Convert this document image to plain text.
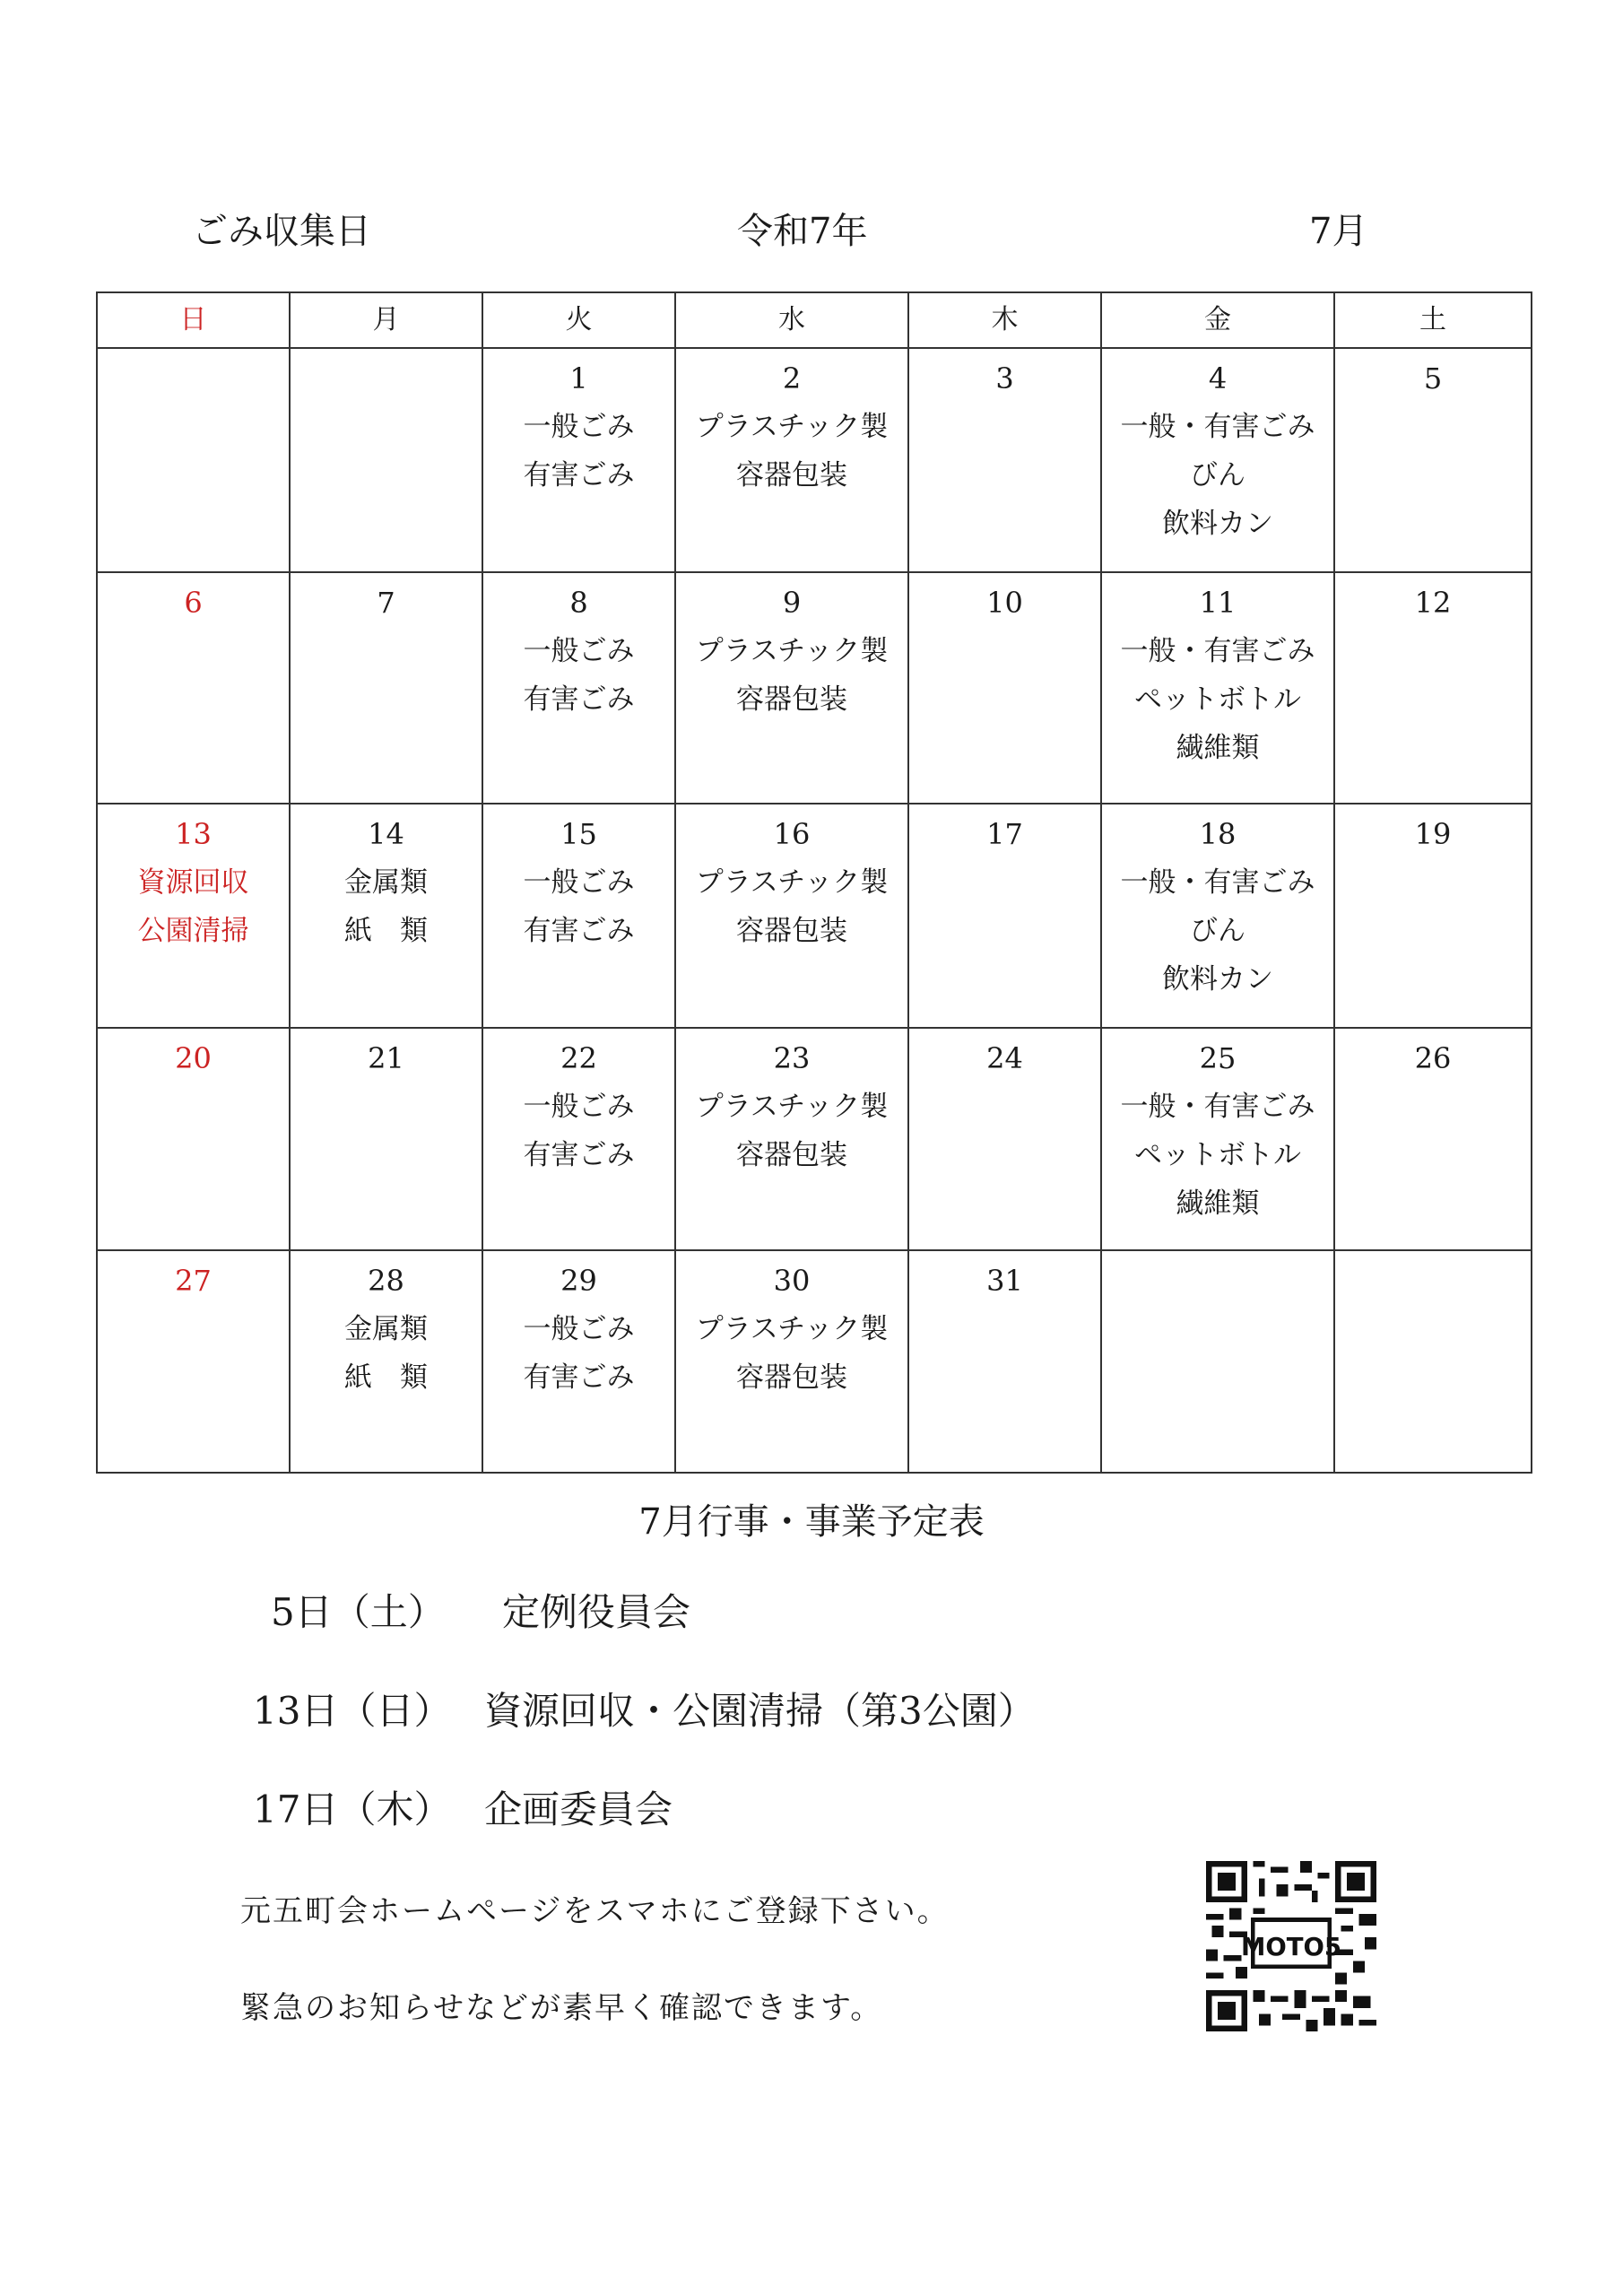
ごみ収集日	令和7年	7月
日	月	火	水	木	金	土

		1
一般ごみ
有害ごみ	2
プラスチック製
容器包装	3	4
一般・有害ごみ
びん
飲料カン	5

6	7	8
一般ごみ
有害ごみ	9
プラスチック製
容器包装	10	11
一般・有害ごみ
ペットボトル
繊維類	12

13
資源回収
公園清掃	14
金属類
紙　類	15
一般ごみ
有害ごみ	16
プラスチック製
容器包装	17	18
一般・有害ごみ
びん
飲料カン	19

20	21	22
一般ごみ
有害ごみ	23
プラスチック製
容器包装	24	25
一般・有害ごみ
ペットボトル
繊維類	26

27	28
金属類
紙　類	29
一般ごみ
有害ごみ	30
プラスチック製
容器包装	31		

7月行事・事業予定表
5日（土） 定例役員会
13日（日） 資源回収・公園清掃（第3公園）
17日（木） 企画委員会
元五町会ホームページをスマホにご登録下さい。
緊急のお知らせなどが素早く確認できます。
MOTO5
